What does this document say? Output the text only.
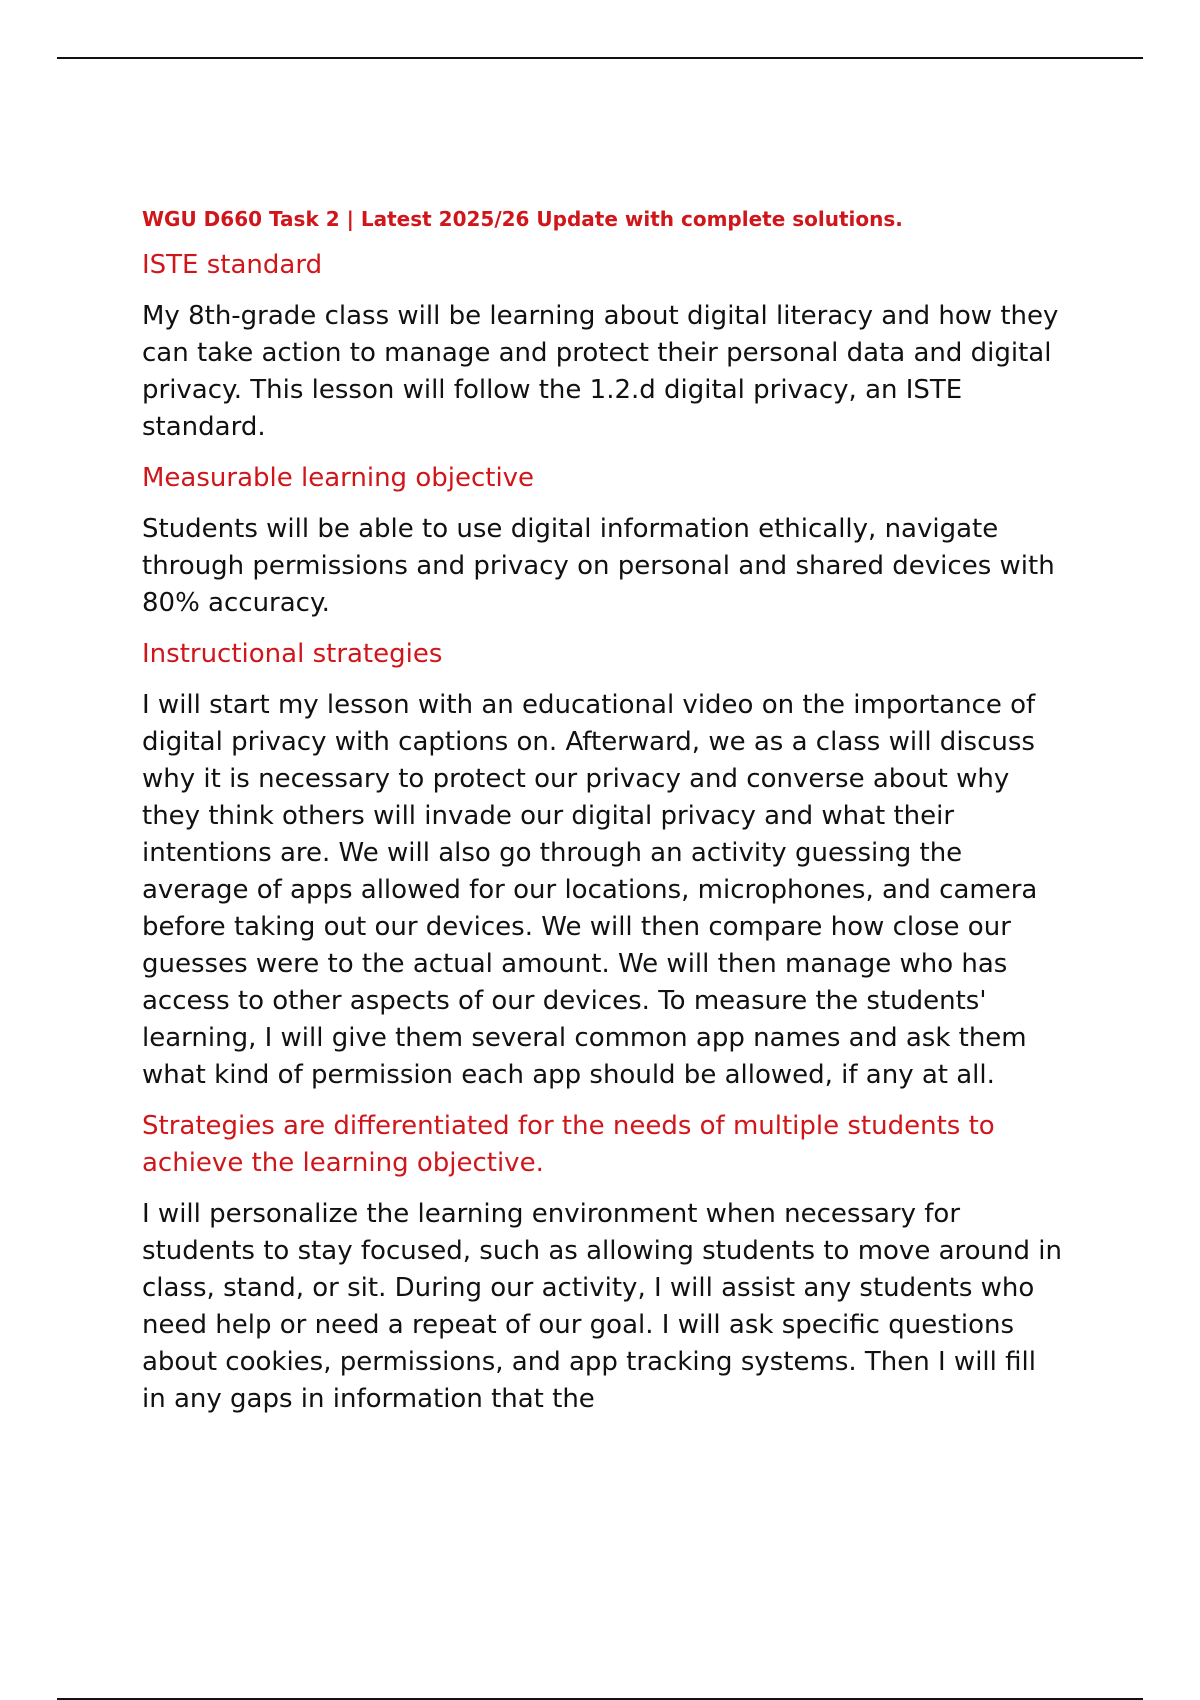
WGU D660 Task 2 | Latest 2025/26 Update with complete solutions.
ISTE standard

My 8th-grade class will be learning about digital literacy and how they can take action to manage and protect their personal data and digital privacy. This lesson will follow the 1.2.d digital privacy, an ISTE standard.

Measurable learning objective

Students will be able to use digital information ethically, navigate through permissions and privacy on personal and shared devices with 80% accuracy.

Instructional strategies

I will start my lesson with an educational video on the importance of digital privacy with captions on. Afterward, we as a class will discuss why it is necessary to protect our privacy and converse about why they think others will invade our digital privacy and what their intentions are. We will also go through an activity guessing the average of apps allowed for our locations, microphones, and camera before taking out our devices. We will then compare how close our guesses were to the actual amount. We will then manage who has access to other aspects of our devices. To measure the students' learning, I will give them several common app names and ask them what kind of permission each app should be allowed, if any at all.

Strategies are differentiated for the needs of multiple students to achieve the learning objective.

I will personalize the learning environment when necessary for students to stay focused, such as allowing students to move around in class, stand, or sit. During our activity, I will assist any students who need help or need a repeat of our goal. I will ask specific questions about cookies, permissions, and app tracking systems. Then I will fill in any gaps in information that the
